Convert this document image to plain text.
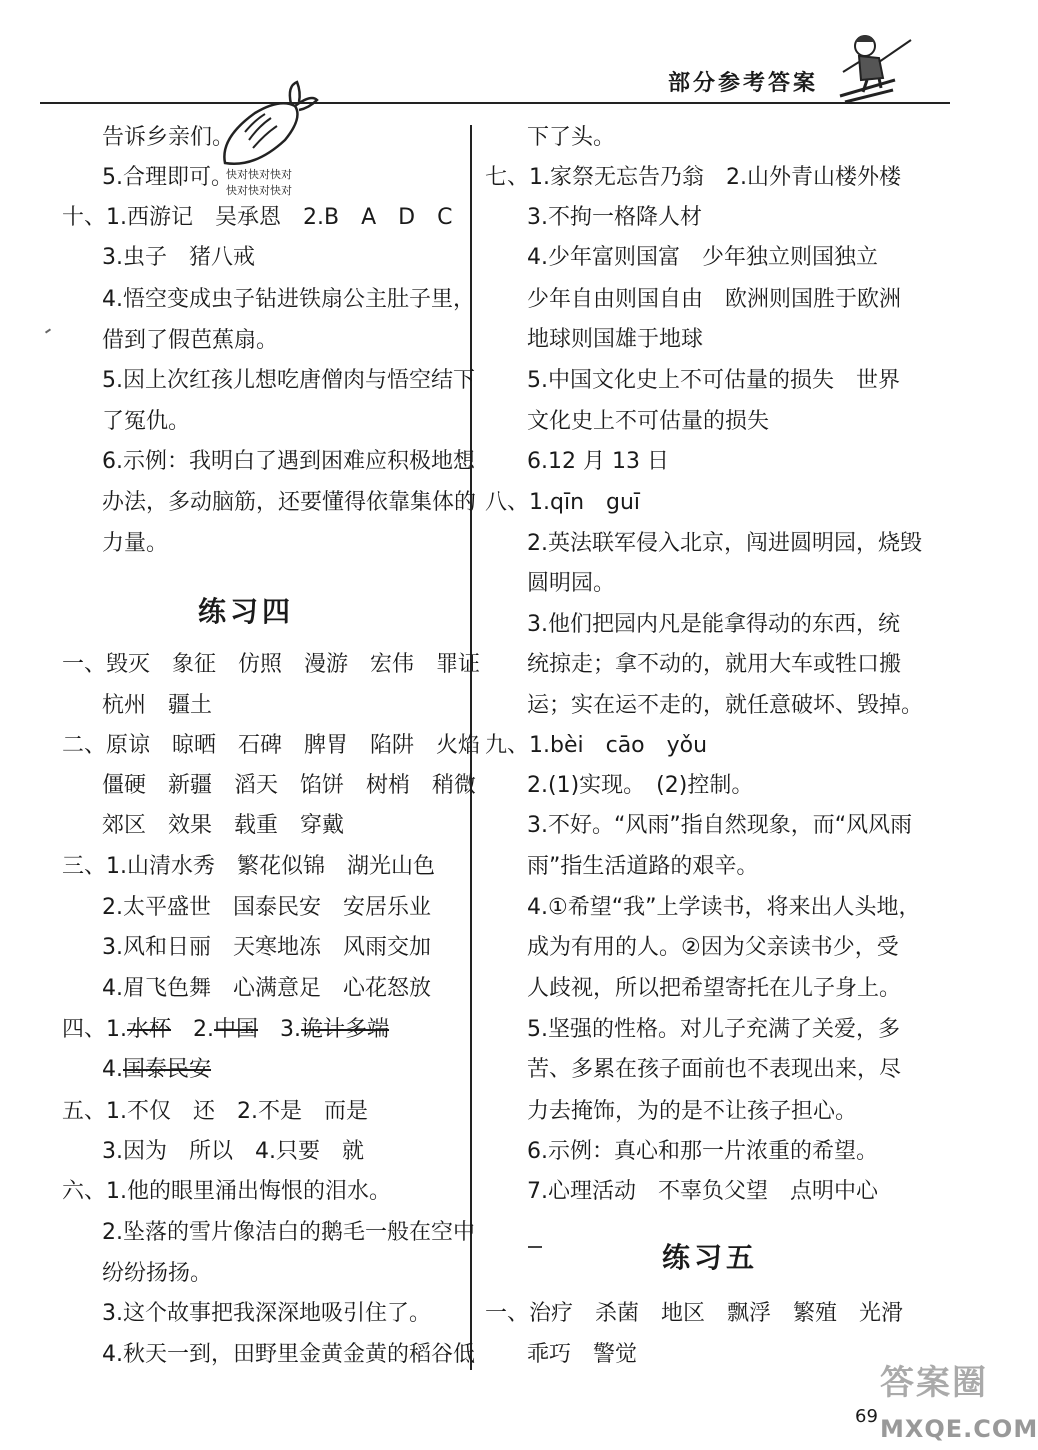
部分参考答案
快对快对快对
快对快对快对
告诉乡亲们。
5.合理即可。
十、1.西游记　吴承恩　2.B　A　D　C
3.虫子　猪八戒
4.悟空变成虫子钻进铁扇公主肚子里，
借到了假芭蕉扇。
5.因上次红孩儿想吃唐僧肉与悟空结下
了冤仇。
6.示例：我明白了遇到困难应积极地想
办法，多动脑筋，还要懂得依靠集体的
力量。
练习四
一、毁灭　象征　仿照　漫游　宏伟　罪证
杭州　疆土
二、原谅　晾晒　石碑　脾胃　陷阱　火焰
僵硬　新疆　滔天　馅饼　树梢　稍微
郊区　效果　载重　穿戴
三、1.山清水秀　繁花似锦　湖光山色
2.太平盛世　国泰民安　安居乐业
3.风和日丽　天寒地冻　风雨交加
4.眉飞色舞　心满意足　心花怒放
四、1.水杯　2.中国　3.诡计多端
4.国泰民安
五、1.不仅　还　2.不是　而是
3.因为　所以　4.只要　就
六、1.他的眼里涌出悔恨的泪水。
2.坠落的雪片像洁白的鹅毛一般在空中
纷纷扬扬。
3.这个故事把我深深地吸引住了。
4.秋天一到，田野里金黄金黄的稻谷低
下了头。
七、1.家祭无忘告乃翁　2.山外青山楼外楼
3.不拘一格降人材
4.少年富则国富　少年独立则国独立
少年自由则国自由　欧洲则国胜于欧洲
地球则国雄于地球
5.中国文化史上不可估量的损失　世界
文化史上不可估量的损失
6.12 月 13 日
八、1.qīn　guī
2.英法联军侵入北京，闯进圆明园，烧毁
圆明园。
3.他们把园内凡是能拿得动的东西，统
统掠走；拿不动的，就用大车或牲口搬
运；实在运不走的，就任意破坏、毁掉。
九、1.bèi　cāo　yǒu
2.(1)实现。　(2)控制。
3.不好。“风雨”指自然现象，而“风风雨
雨”指生活道路的艰辛。
4.①希望“我”上学读书，将来出人头地，
成为有用的人。②因为父亲读书少，受
人歧视，所以把希望寄托在儿子身上。
5.坚强的性格。对儿子充满了关爱，多
苦、多累在孩子面前也不表现出来，尽
力去掩饰，为的是不让孩子担心。
6.示例：真心和那一片浓重的希望。
7.心理活动　不辜负父望　点明中心
练习五
一、治疗　杀菌　地区　飘浮　繁殖　光滑
乖巧　警觉
69
答案圈
MXQE.COM
